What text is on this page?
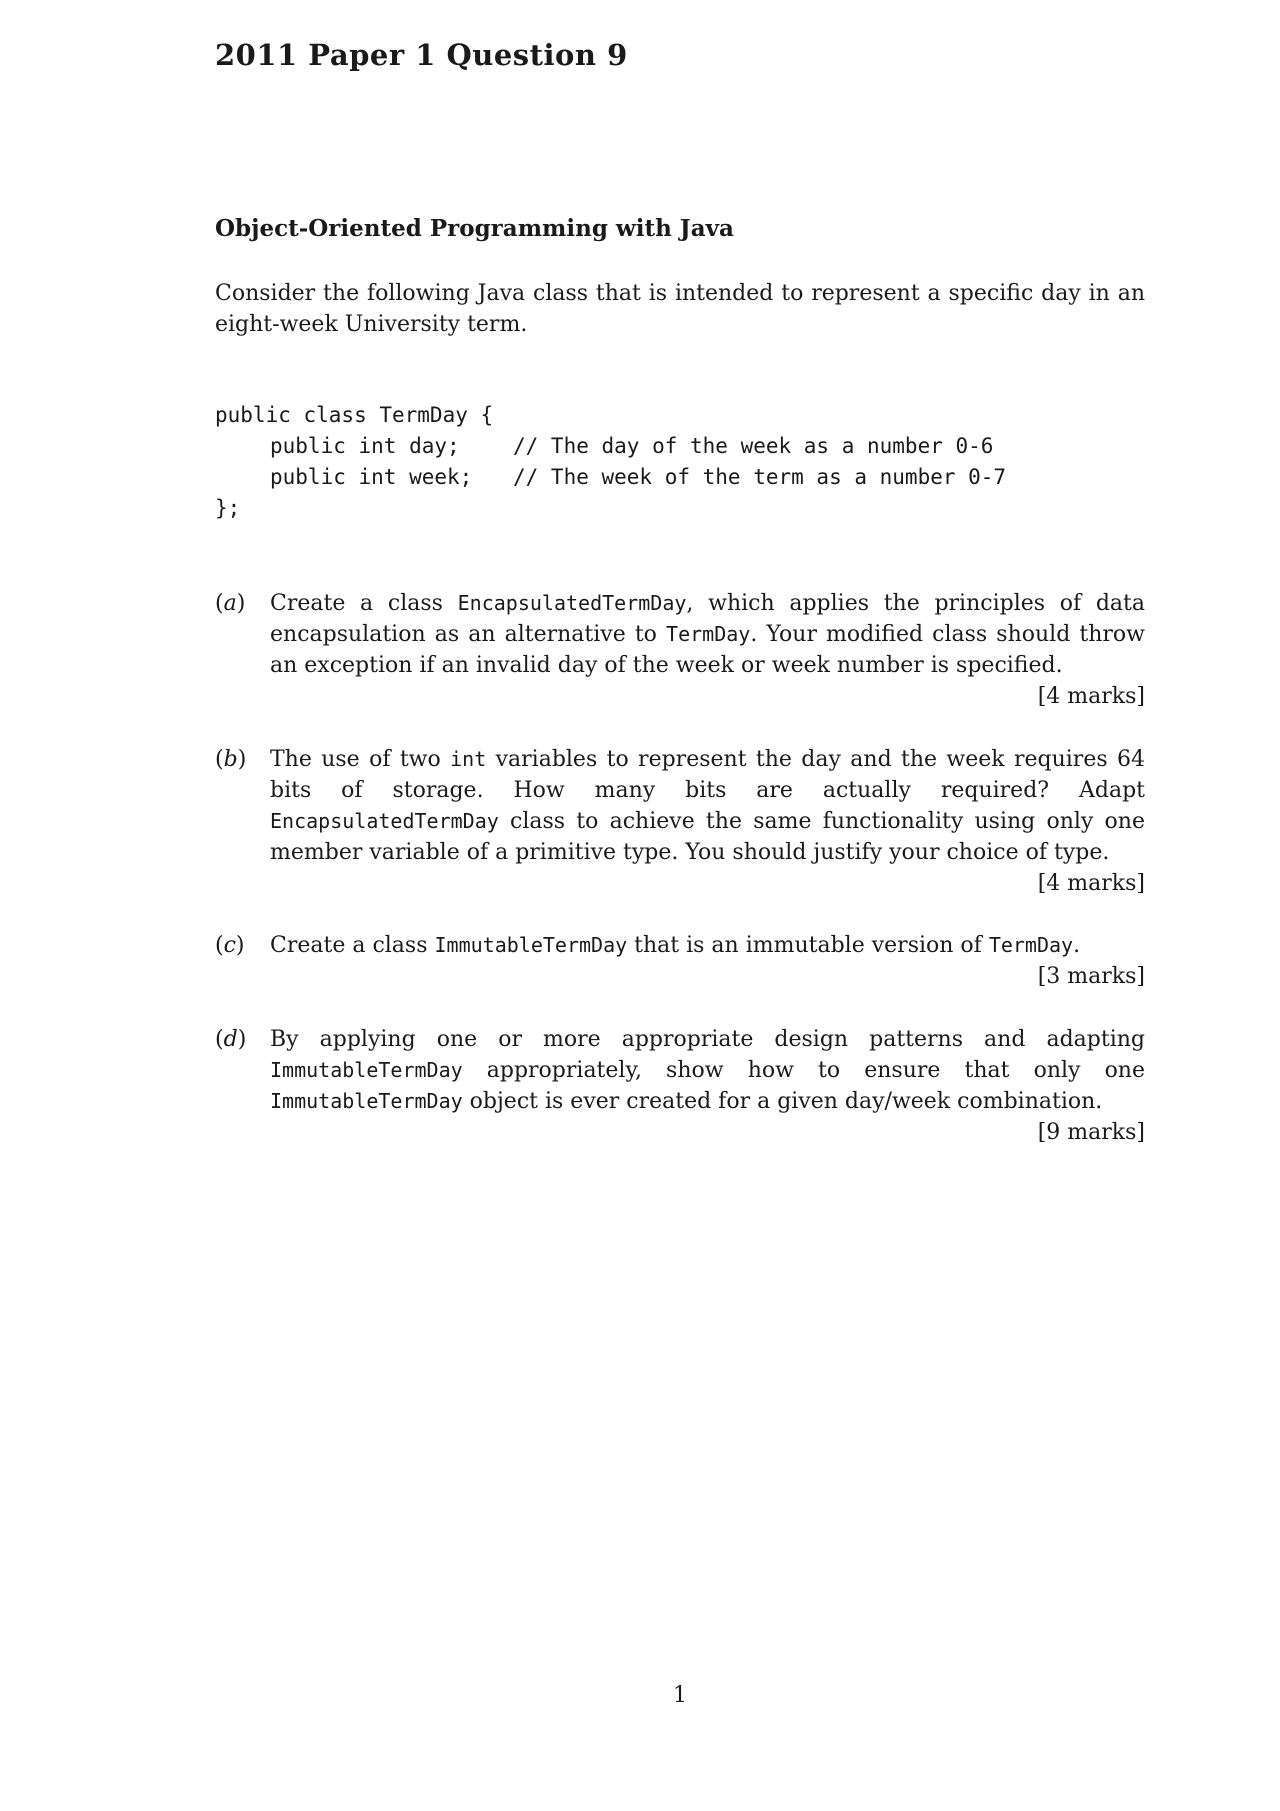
2011 Paper 1 Question 9
Object-Oriented Programming with Java

Consider the following Java class that is intended to represent a specific day in an eight-week University term.

public class TermDay {
public int day;	// The day of the week as a number 0-6
public int week; // The week of the term as a number 0-7
};
(a) Create a class EncapsulatedTermDay, which applies the principles of data encapsulation as an alternative to TermDay. Your modified class should throw an exception if an invalid day of the week or week number is specified.
[4 marks]
(b) The use of two int variables to represent the day and the week requires 64 bits of storage. How many bits are actually required? Adapt EncapsulatedTermDay class to achieve the same functionality using only one member variable of a primitive type. You should justify your choice of type.
[4 marks]
(c) Create a class ImmutableTermDay that is an immutable version of TermDay.
[3 marks]
(d) By applying one or more appropriate design patterns and adapting ImmutableTermDay appropriately, show how to ensure that only one ImmutableTermDay object is ever created for a given day/week combination.
[9 marks]
1
